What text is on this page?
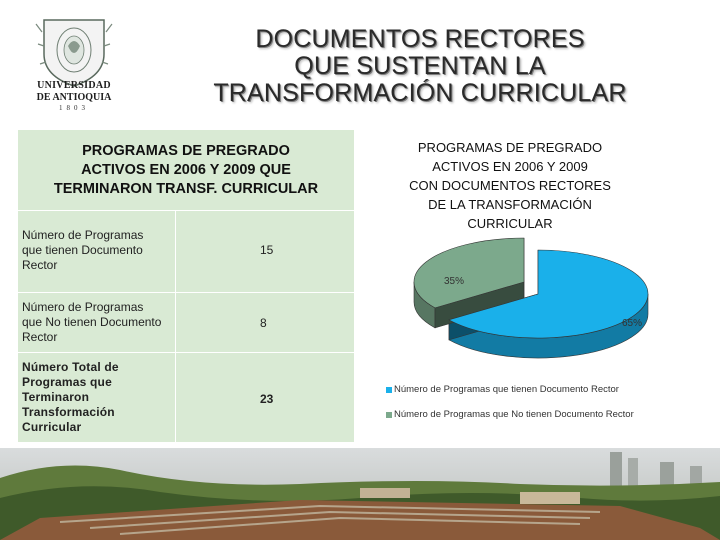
UNIVERSIDAD
DE ANTIOQUIA
1803
DOCUMENTOS RECTORES
QUE SUSTENTAN LA
TRANSFORMACIÓN CURRICULAR
PROGRAMAS DE PREGRADO
ACTIVOS EN 2006 Y 2009 QUE
TERMINARON TRANSF. CURRICULAR
Número de Programas
que tienen Documento
Rector
15
Número de Programas
que No tienen Documento
Rector
8
Número Total de
Programas que
Terminaron
Transformación
Curricular
23
PROGRAMAS DE PREGRADO
ACTIVOS EN 2006 Y 2009
CON DOCUMENTOS RECTORES
DE LA TRANSFORMACIÓN
CURRICULAR
65%
35%
Número de Programas que tienen Documento Rector
Número de Programas que No tienen Documento Rector
